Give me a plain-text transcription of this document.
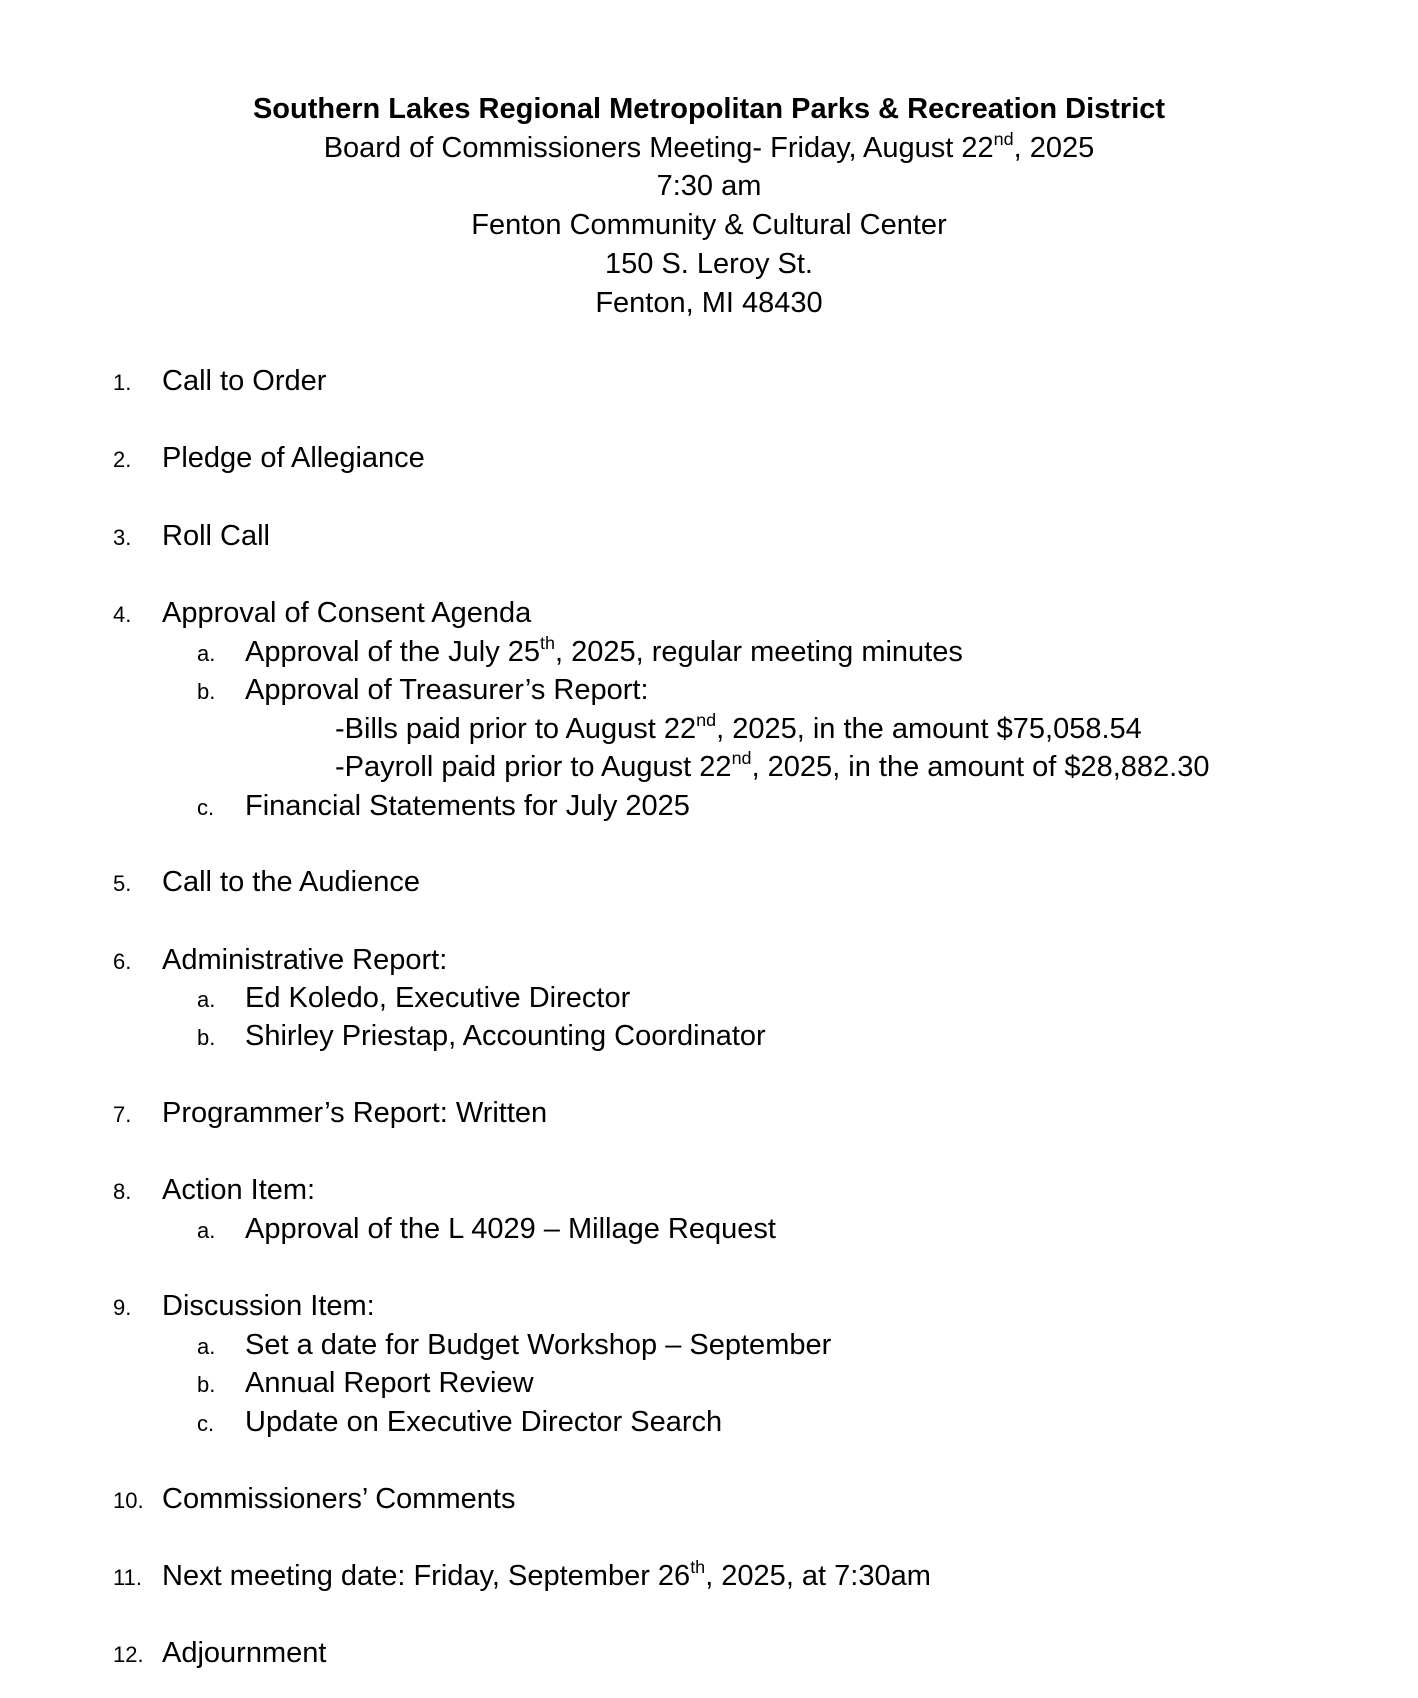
Southern Lakes Regional Metropolitan Parks & Recreation District
Board of Commissioners Meeting- Friday, August 22nd, 2025
7:30 am
Fenton Community & Cultural Center
150 S. Leroy St.
Fenton, MI 48430
1. Call to Order
2. Pledge of Allegiance
3. Roll Call
4. Approval of Consent Agenda
a. Approval of the July 25th, 2025, regular meeting minutes
b. Approval of Treasurer’s Report:
-Bills paid prior to August 22nd, 2025, in the amount $75,058.54
-Payroll paid prior to August 22nd, 2025, in the amount of $28,882.30
c. Financial Statements for July 2025
5. Call to the Audience
6. Administrative Report:
a. Ed Koledo, Executive Director
b. Shirley Priestap, Accounting Coordinator
7. Programmer’s Report: Written
8. Action Item:
a. Approval of the L 4029 – Millage Request
9. Discussion Item:
a. Set a date for Budget Workshop – September
b. Annual Report Review
c. Update on Executive Director Search
10. Commissioners’ Comments
11. Next meeting date: Friday, September 26th, 2025, at 7:30am
12. Adjournment
